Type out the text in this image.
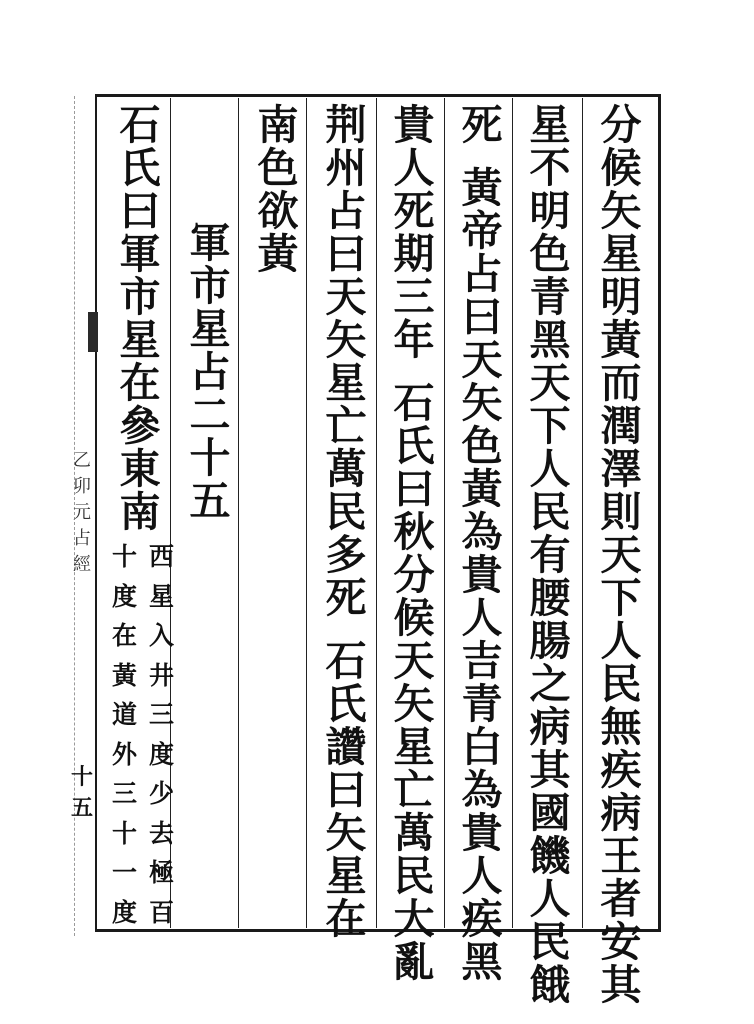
分
候
矢
星
明
黃
而
潤
澤
則
天
下
人
民
無
疾
病
王
者
安
其
星
不
明
色
青
黑
天
下
人
民
有
腰
腸
之
病
其
國
饑
人
民
餓
死
黃
帝
占
曰
天
矢
色
黃
為
貴
人
吉
青
白
為
貴
人
疾
黑
貴
人
死
期
三
年
石
氏
曰
秋
分
候
天
矢
星
亡
萬
民
大
亂
荆
州
占
曰
天
矢
星
亡
萬
民
多
死
石
氏
讚
曰
矢
星
在
南
色
欲
黃
軍
市
星
占
二
十
五
石
氏
曰
軍
市
星
在
參
東
南
西
星
入
井
三
度
少
去
極
百
十
度
在
黃
道
外
三
十
一
度
乙
卯
元
占
經
十五
